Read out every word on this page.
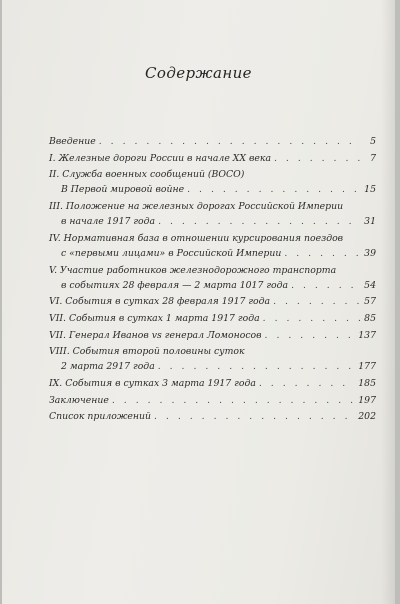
Содержание
Введение . . .	5
I. Железные дороги России в начале XX века . . .	7
II. Служба военных сообщений (ВОСО)
В Первой мировой войне . . .	15
III. Положение на железных дорогах Российской Империи
в начале 1917 года . . .	31
IV. Нормативная база в отношении курсирования поездов
с «первыми лицами» в Российской Империи . . .	39
V. Участие работников железнодорожного транспорта
в событиях 28 февраля — 2 марта 1017 года . . .	54
VI. События в сутках 28 февраля 1917 года . . .	57
VII. События в сутках 1 марта 1917 года . . .	85
VII. Генерал Иванов vs генерал Ломоносов . . .	137
VIII. События второй половины суток
2 марта 2917 года . . .	177
IX. События в сутках 3 марта 1917 года . . .	185
Заключение . . .	197
Список приложений . . .	202
